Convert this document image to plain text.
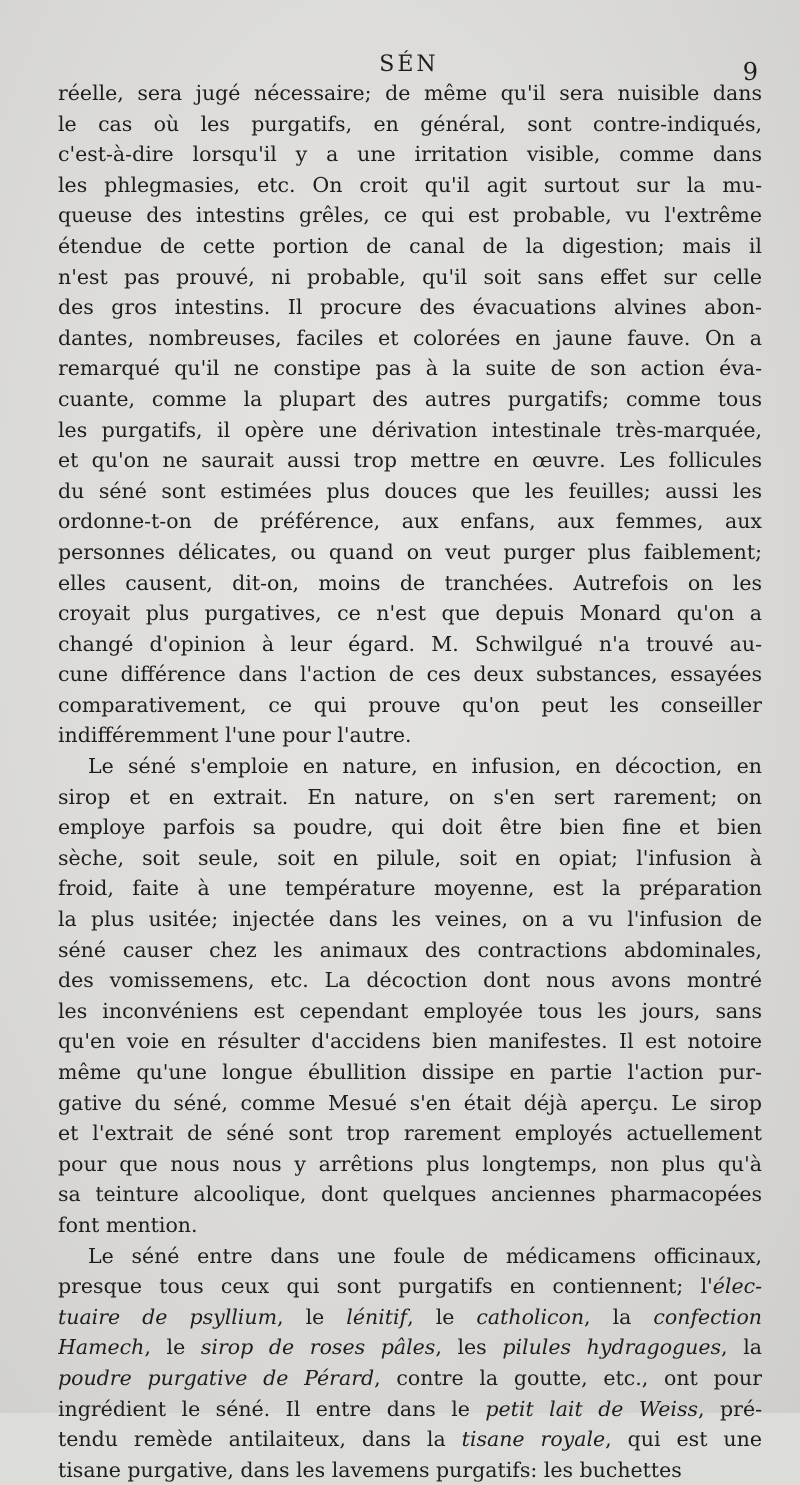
SÉN	9
réelle, sera jugé nécessaire; de même qu'il sera nuisible dans
le cas où les purgatifs, en général, sont contre-indiqués,
c'est-à-dire lorsqu'il y a une irritation visible, comme dans
les phlegmasies, etc. On croit qu'il agit surtout sur la mu-
queuse des intestins grêles, ce qui est probable, vu l'extrême
étendue de cette portion de canal de la digestion; mais il
n'est pas prouvé, ni probable, qu'il soit sans effet sur celle
des gros intestins. Il procure des évacuations alvines abon-
dantes, nombreuses, faciles et colorées en jaune fauve. On a
remarqué qu'il ne constipe pas à la suite de son action éva-
cuante, comme la plupart des autres purgatifs; comme tous
les purgatifs, il opère une dérivation intestinale très-marquée,
et qu'on ne saurait aussi trop mettre en œuvre. Les follicules
du séné sont estimées plus douces que les feuilles; aussi les
ordonne-t-on de préférence, aux enfans, aux femmes, aux
personnes délicates, ou quand on veut purger plus faiblement;
elles causent, dit-on, moins de tranchées. Autrefois on les
croyait plus purgatives, ce n'est que depuis Monard qu'on a
changé d'opinion à leur égard. M. Schwilgué n'a trouvé au-
cune différence dans l'action de ces deux substances, essayées
comparativement, ce qui prouve qu'on peut les conseiller
indifféremment l'une pour l'autre.
Le séné s'emploie en nature, en infusion, en décoction, en
sirop et en extrait. En nature, on s'en sert rarement; on
employe parfois sa poudre, qui doit être bien fine et bien
sèche, soit seule, soit en pilule, soit en opiat; l'infusion à
froid, faite à une température moyenne, est la préparation
la plus usitée; injectée dans les veines, on a vu l'infusion de
séné causer chez les animaux des contractions abdominales,
des vomissemens, etc. La décoction dont nous avons montré
les inconvéniens est cependant employée tous les jours, sans
qu'en voie en résulter d'accidens bien manifestes. Il est notoire
même qu'une longue ébullition dissipe en partie l'action pur-
gative du séné, comme Mesué s'en était déjà aperçu. Le sirop
et l'extrait de séné sont trop rarement employés actuellement
pour que nous nous y arrêtions plus longtemps, non plus qu'à
sa teinture alcoolique, dont quelques anciennes pharmacopées
font mention.
Le séné entre dans une foule de médicamens officinaux,
presque tous ceux qui sont purgatifs en contiennent; l'élec-
tuaire de psyllium, le lénitif, le catholicon, la confection
Hamech, le sirop de roses pâles, les pilules hydragogues, la
poudre purgative de Pérard, contre la goutte, etc., ont pour
ingrédient le séné. Il entre dans le petit lait de Weiss, pré-
tendu remède antilaiteux, dans la tisane royale, qui est une
tisane purgative, dans les lavemens purgatifs: les buchettes
